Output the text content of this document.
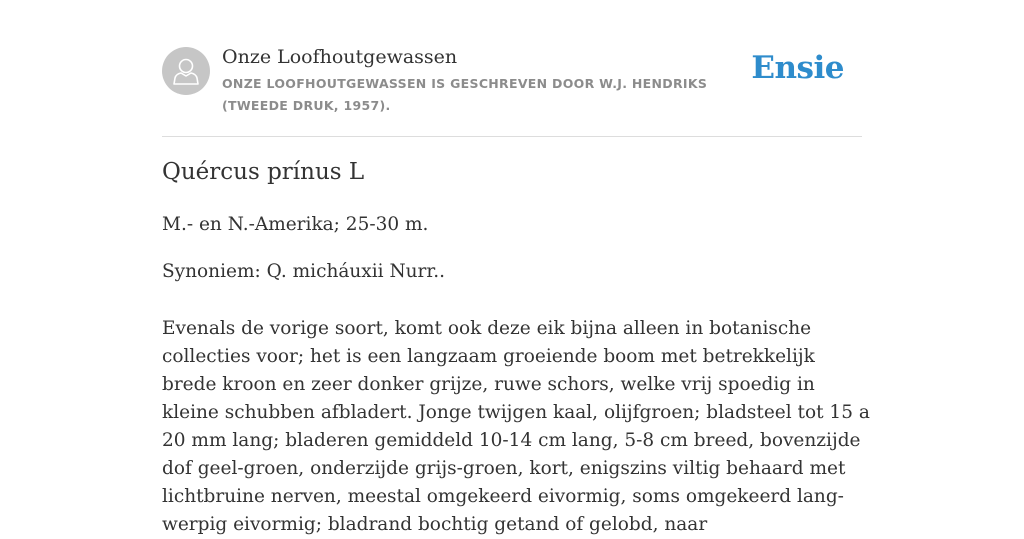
Onze Loofhoutgewassen
ONZE LOOFHOUTGEWASSEN IS GESCHREVEN DOOR W.J. HENDRIKS (TWEEDE DRUK, 1957).
Ensie
Quércus prínus L
M.- en N.-Amerika; 25-30 m.
Synoniem: Q. micháuxii Nurr..
Evenals de vorige soort, komt ook deze eik bijna alleen in botanische collecties voor; het is een langzaam groeiende boom met betrekkelijk brede kroon en zeer donker grijze, ruwe schors, welke vrij spoedig in kleine schubben afbladert. Jonge twijgen kaal, olijfgroen; bladsteel tot 15 a 20 mm lang; bladeren gemiddeld 10-14 cm lang, 5-8 cm breed, bovenzijde dof geel-groen, onderzijde grijs-groen, kort, enigszins viltig behaard met lichtbruine nerven, meestal omgekeerd eivormig, soms omgekeerd lang-werpig eivormig; bladrand bochtig getand of gelobd, naar
